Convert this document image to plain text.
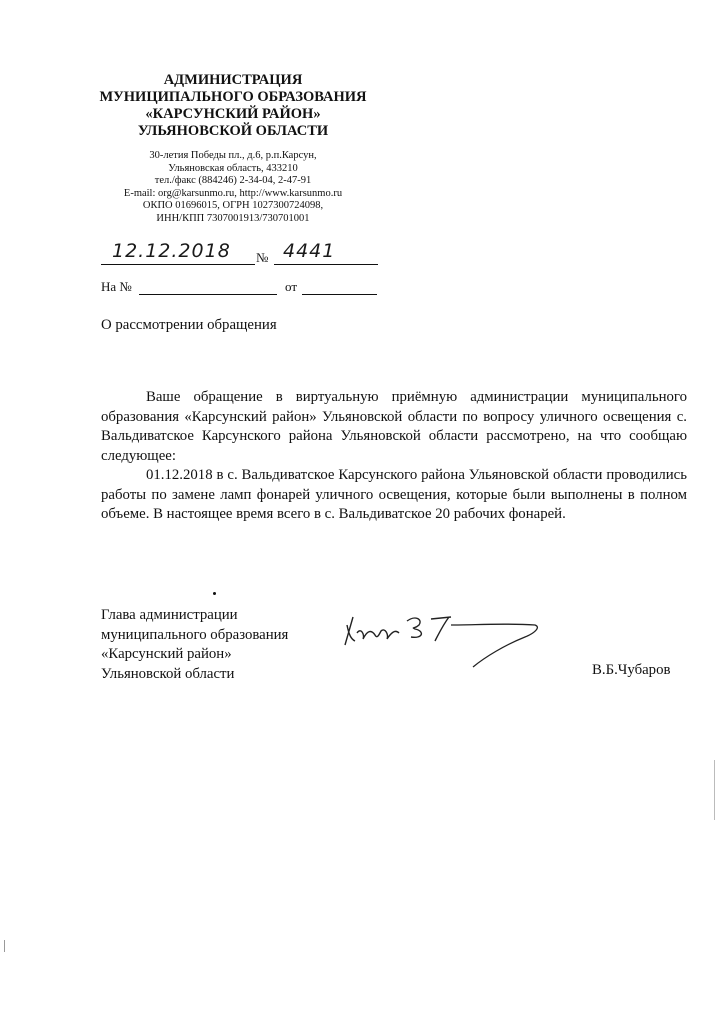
АДМИНИСТРАЦИЯ
МУНИЦИПАЛЬНОГО ОБРАЗОВАНИЯ
«КАРСУНСКИЙ РАЙОН»
УЛЬЯНОВСКОЙ ОБЛАСТИ
30-летия Победы пл., д.6, р.п.Карсун,
Ульяновская область, 433210
тел./факс (884246) 2-34-04, 2-47-91
E-mail: org@karsunmo.ru, http://www.karsunmo.ru
ОКПО 01696015, ОГРН 1027300724098,
ИНН/КПП 7307001913/730701001
12.12.2018 № 4441
На №	от
О рассмотрении обращения

Ваше обращение в виртуальную приёмную администрации муниципального образования «Карсунский район» Ульяновской области по вопросу уличного освещения с. Вальдиватское Карсунского района Ульяновской области рассмотрено, на что сообщаю следующее:

01.12.2018 в с. Вальдиватское Карсунского района Ульяновской области проводились работы по замене ламп фонарей уличного освещения, которые были выполнены в полном объеме. В настоящее время всего в с. Вальдиватское 20 рабочих фонарей.

Глава администрации
муниципального образования
«Карсунский район»
Ульяновской области	В.Б.Чубаров
